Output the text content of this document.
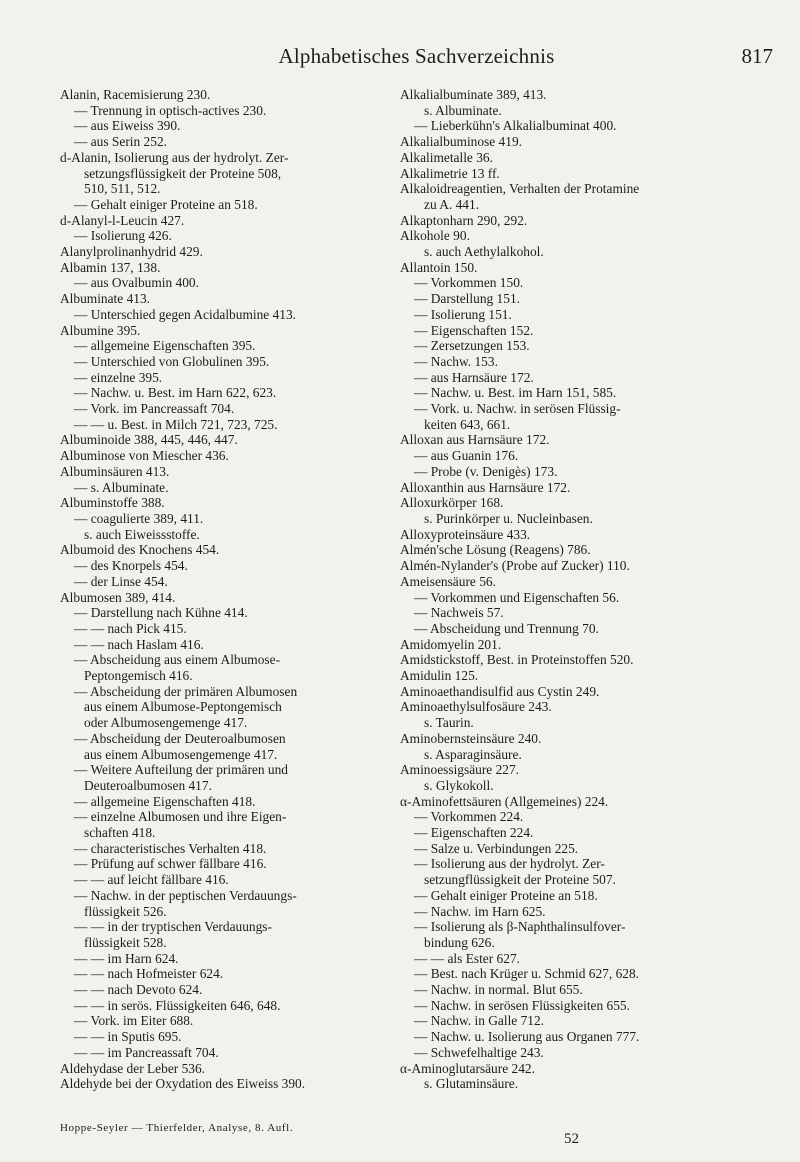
Alphabetisches Sachverzeichnis	817
Alanin, Racemisierung 230.
— Trennung in optisch-actives 230.
— aus Eiweiss 390.
— aus Serin 252.
d-Alanin, Isolierung aus der hydrolyt. Zer-
setzungsflüssigkeit der Proteine 508,
510, 511, 512.
— Gehalt einiger Proteine an 518.
d-Alanyl-l-Leucin 427.
— Isolierung 426.
Alanylprolinanhydrid 429.
Albamin 137, 138.
— aus Ovalbumin 400.
Albuminate 413.
— Unterschied gegen Acidalbumine 413.
Albumine 395.
— allgemeine Eigenschaften 395.
— Unterschied von Globulinen 395.
— einzelne 395.
— Nachw. u. Best. im Harn 622, 623.
— Vork. im Pancreassaft 704.
— — u. Best. in Milch 721, 723, 725.
Albuminoide 388, 445, 446, 447.
Albuminose von Miescher 436.
Albuminsäuren 413.
— s. Albuminate.
Albuminstoffe 388.
— coagulierte 389, 411.
s. auch Eiweissstoffe.
Albumoid des Knochens 454.
— des Knorpels 454.
— der Linse 454.
Albumosen 389, 414.
— Darstellung nach Kühne 414.
— — nach Pick 415.
— — nach Haslam 416.
— Abscheidung aus einem Albumose-
Peptongemisch 416.
— Abscheidung der primären Albumosen
aus einem Albumose-Peptongemisch
oder Albumosengemenge 417.
— Abscheidung der Deuteroalbumosen
aus einem Albumosengemenge 417.
— Weitere Aufteilung der primären und
Deuteroalbumosen 417.
— allgemeine Eigenschaften 418.
— einzelne Albumosen und ihre Eigen-
schaften 418.
— characteristisches Verhalten 418.
— Prüfung auf schwer fällbare 416.
— — auf leicht fällbare 416.
— Nachw. in der peptischen Verdauungs-
flüssigkeit 526.
— — in der tryptischen Verdauungs-
flüssigkeit 528.
— — im Harn 624.
— — nach Hofmeister 624.
— — nach Devoto 624.
— — in serös. Flüssigkeiten 646, 648.
— Vork. im Eiter 688.
— — in Sputis 695.
— — im Pancreassaft 704.
Aldehydase der Leber 536.
Aldehyde bei der Oxydation des Eiweiss 390.
Alkalialbuminate 389, 413.
s. Albuminate.
— Lieberkühn's Alkalialbuminat 400.
Alkalialbuminose 419.
Alkalimetalle 36.
Alkalimetrie 13 ff.
Alkaloidreagentien, Verhalten der Protamine
zu A. 441.
Alkaptonharn 290, 292.
Alkohole 90.
s. auch Aethylalkohol.
Allantoin 150.
— Vorkommen 150.
— Darstellung 151.
— Isolierung 151.
— Eigenschaften 152.
— Zersetzungen 153.
— Nachw. 153.
— aus Harnsäure 172.
— Nachw. u. Best. im Harn 151, 585.
— Vork. u. Nachw. in serösen Flüssig-
keiten 643, 661.
Alloxan aus Harnsäure 172.
— aus Guanin 176.
— Probe (v. Denigès) 173.
Alloxanthin aus Harnsäure 172.
Alloxurkörper 168.
s. Purinkörper u. Nucleinbasen.
Alloxyproteinsäure 433.
Almén'sche Lösung (Reagens) 786.
Almén-Nylander's (Probe auf Zucker) 110.
Ameisensäure 56.
— Vorkommen und Eigenschaften 56.
— Nachweis 57.
— Abscheidung und Trennung 70.
Amidomyelin 201.
Amidstickstoff, Best. in Proteinstoffen 520.
Amidulin 125.
Aminoaethandisulfid aus Cystin 249.
Aminoaethylsulfosäure 243.
s. Taurin.
Aminobernsteinsäure 240.
s. Asparaginsäure.
Aminoessigsäure 227.
s. Glykokoll.
α-Aminofettsäuren (Allgemeines) 224.
— Vorkommen 224.
— Eigenschaften 224.
— Salze u. Verbindungen 225.
— Isolierung aus der hydrolyt. Zer-
setzungflüssigkeit der Proteine 507.
— Gehalt einiger Proteine an 518.
— Nachw. im Harn 625.
— Isolierung als β-Naphthalinsulfover-
bindung 626.
— — als Ester 627.
— Best. nach Krüger u. Schmid 627, 628.
— Nachw. in normal. Blut 655.
— Nachw. in serösen Flüssigkeiten 655.
— Nachw. in Galle 712.
— Nachw. u. Isolierung aus Organen 777.
— Schwefelhaltige 243.
α-Aminoglutarsäure 242.
s. Glutaminsäure.
Hoppe-Seyler — Thierfelder, Analyse, 8. Aufl.
52
